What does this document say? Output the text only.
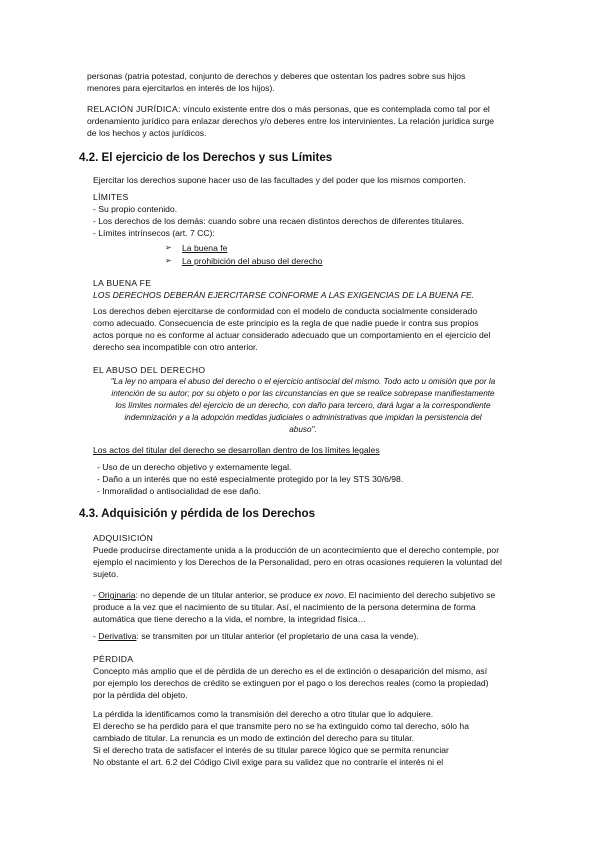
personas (patria potestad, conjunto de derechos y deberes que ostentan los padres sobre sus hijos
menores para ejercitarlos en interés de los hijos).
RELACIÓN JURÍDICA: vínculo existente entre dos o más personas, que es contemplada como tal por el
ordenamiento jurídico para enlazar derechos y/o deberes entre los intervinientes. La relación jurídica surge
de los hechos y actos jurídicos.
4.2. El ejercicio de los Derechos y sus Límites
Ejercitar los derechos supone hacer uso de las facultades y del poder que los mismos comporten.
LÍMITES
- Su propio contenido.
- Los derechos de los demás: cuando sobre una recaen distintos derechos de diferentes titulares.
- Límites intrínsecos (art. 7 CC):
➢ La buena fe
➢ La prohibición del abuso del derecho
LA BUENA FE
LOS DERECHOS DEBERÁN EJERCITARSE CONFORME A LAS EXIGENCIAS DE LA BUENA FE.
Los derechos deben ejercitarse de conformidad con el modelo de conducta socialmente considerado
como adecuado. Consecuencia de este principio es la regla de que nadie puede ir contra sus propios
actos porque no es conforme al actuar considerado adecuado que un comportamiento en el ejercicio del
derecho sea incompatible con otro anterior.
EL ABUSO DEL DERECHO
"La ley no ampara el abuso del derecho o el ejercicio antisocial del mismo. Todo acto u omisión que por la
intención de su autor; por su objeto o por las circunstancias en que se realice sobrepase manifiestamente
los límites normales del ejercicio de un derecho, con daño para tercero, dará lugar a la correspondiente
indemnización y a la adopción medidas judiciales o administrativas que impidan la persistencia del
abuso".
Los actos del titular del derecho se desarrollan dentro de los límites legales
- Uso de un derecho objetivo y externamente legal.
- Daño a un interés que no esté especialmente protegido por la ley STS 30/6/98.
- Inmoralidad o antisocialidad de ese daño.
4.3. Adquisición y pérdida de los Derechos
ADQUISICIÓN
Puede producirse directamente unida a la producción de un acontecimiento que el derecho contemple, por
ejemplo el nacimiento y los Derechos de la Personalidad, pero en otras ocasiones requieren la voluntad del
sujeto.
- Originaria: no depende de un titular anterior, se produce ex novo. El nacimiento del derecho subjetivo se
produce a la vez que el nacimiento de su titular. Así, el nacimiento de la persona determina de forma
automática que tiene derecho a la vida, el nombre, la integridad física…
- Derivativa: se transmiten por un titular anterior (el propietario de una casa la vende).
PÉRDIDA
Concepto más amplio que el de pérdida de un derecho es el de extinción o desaparición del mismo, así
por ejemplo los derechos de crédito se extinguen por el pago o los derechos reales (como la propiedad)
por la pérdida del objeto.
La pérdida la identificamos como la transmisión del derecho a otro titular que lo adquiere.
El derecho se ha perdido para el que transmite pero no se ha extinguido como tal derecho, sólo ha
cambiado de titular. La renuncia es un modo de extinción del derecho para su titular.
Si el derecho trata de satisfacer el interés de su titular parece lógico que se permita renunciar
No obstante el art. 6.2 del Código Civil exige para su validez que no contraríe el interés ni el
